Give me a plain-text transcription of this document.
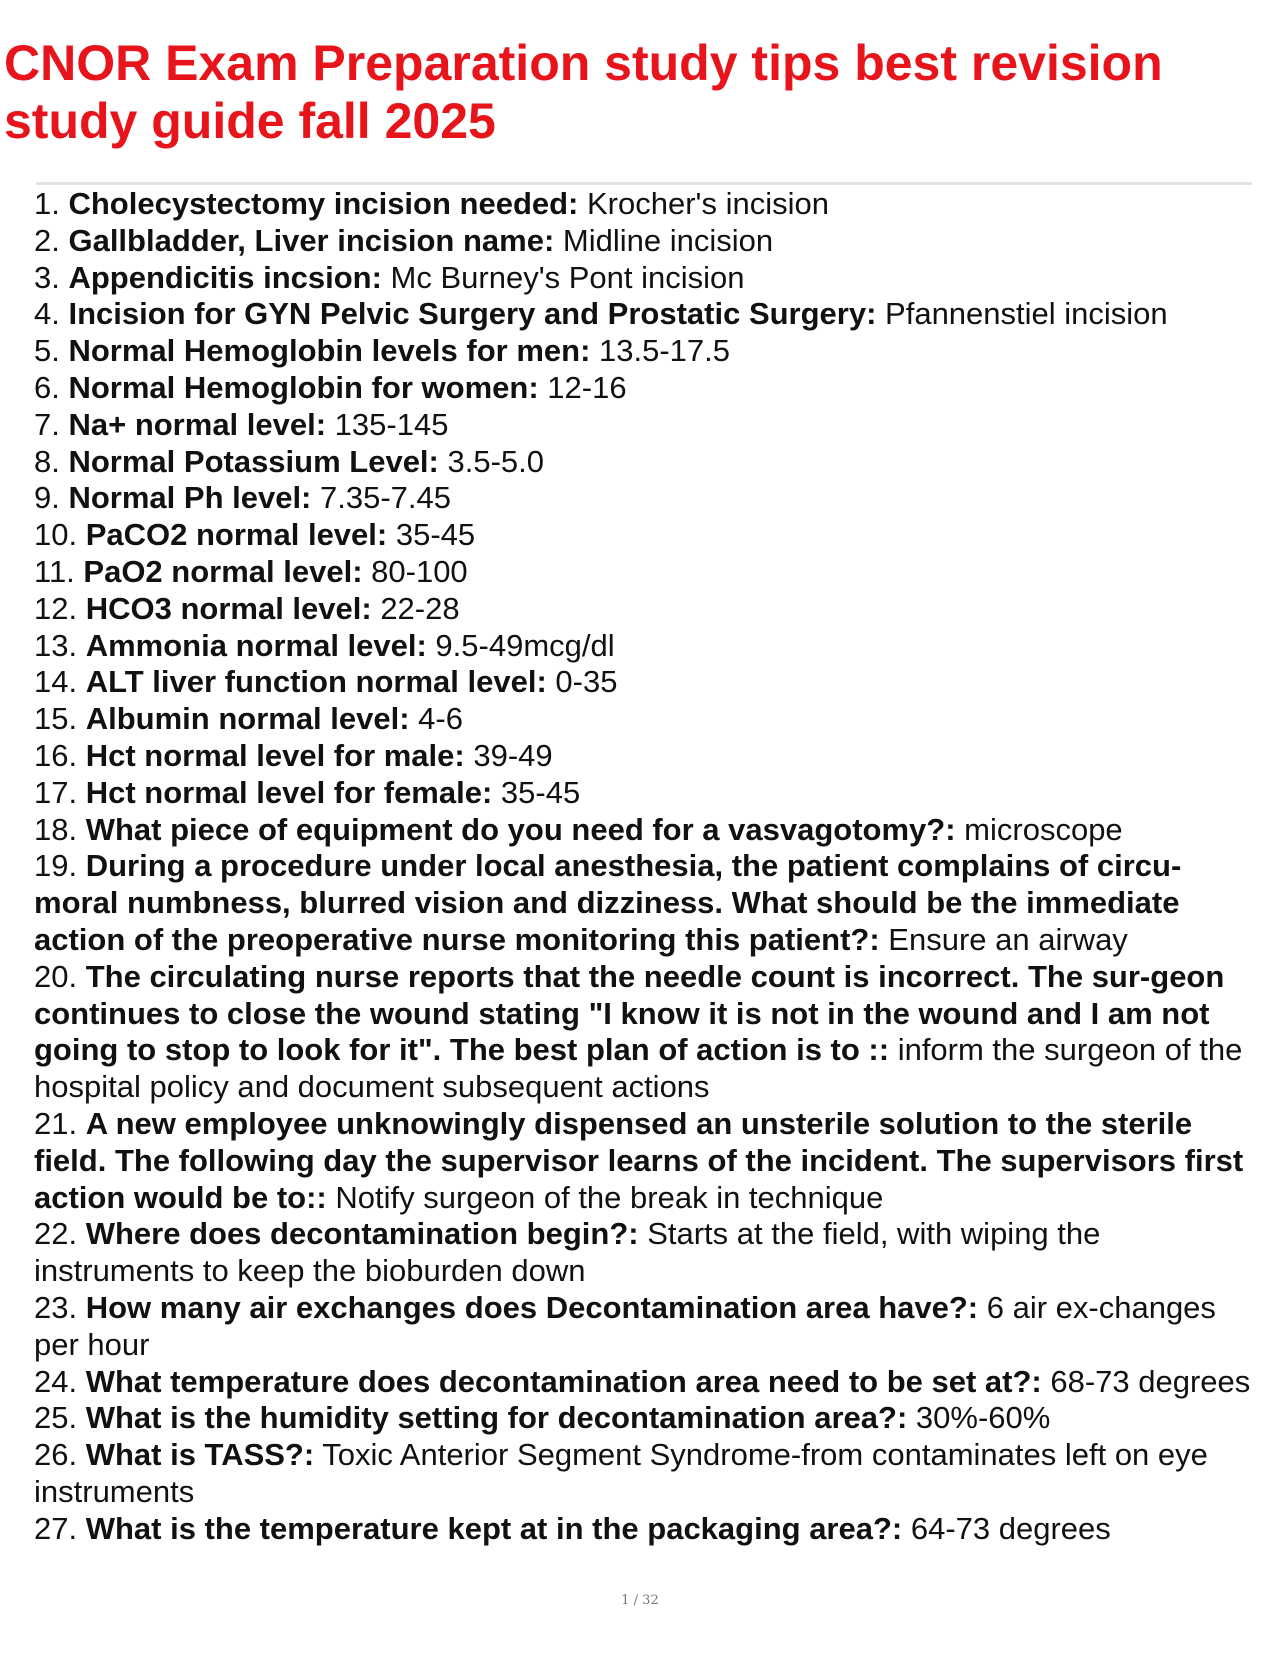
CNOR Exam Preparation study tips best revision study guide fall 2025
1. Cholecystectomy incision needed: Krocher's incision
2. Gallbladder, Liver incision name: Midline incision
3. Appendicitis incsion: Mc Burney's Pont incision
4. Incision for GYN Pelvic Surgery and Prostatic Surgery: Pfannenstiel incision
5. Normal Hemoglobin levels for men: 13.5-17.5
6. Normal Hemoglobin for women: 12-16
7. Na+ normal level: 135-145
8. Normal Potassium Level: 3.5-5.0
9. Normal Ph level: 7.35-7.45
10. PaCO2 normal level: 35-45
11. PaO2 normal level: 80-100
12. HCO3 normal level: 22-28
13. Ammonia normal level: 9.5-49mcg/dl
14. ALT liver function normal level: 0-35
15. Albumin normal level: 4-6
16. Hct normal level for male: 39-49
17. Hct normal level for female: 35-45
18. What piece of equipment do you need for a vasvagotomy?: microscope
19. During a procedure under local anesthesia, the patient complains of circu-moral numbness, blurred vision and dizziness. What should be the immediate action of the preoperative nurse monitoring this patient?: Ensure an airway
20. The circulating nurse reports that the needle count is incorrect. The sur-geon continues to close the wound stating "I know it is not in the wound and I am not going to stop to look for it". The best plan of action is to :: inform the surgeon of the hospital policy and document subsequent actions
21. A new employee unknowingly dispensed an unsterile solution to the sterile field. The following day the supervisor learns of the incident. The supervisors first action would be to:: Notify surgeon of the break in technique
22. Where does decontamination begin?: Starts at the field, with wiping the instruments to keep the bioburden down
23. How many air exchanges does Decontamination area have?: 6 air ex-changes per hour
24. What temperature does decontamination area need to be set at?: 68-73 degrees
25. What is the humidity setting for decontamination area?: 30%-60%
26. What is TASS?: Toxic Anterior Segment Syndrome-from contaminates left on eye instruments
27. What is the temperature kept at in the packaging area?: 64-73 degrees
1 / 32
